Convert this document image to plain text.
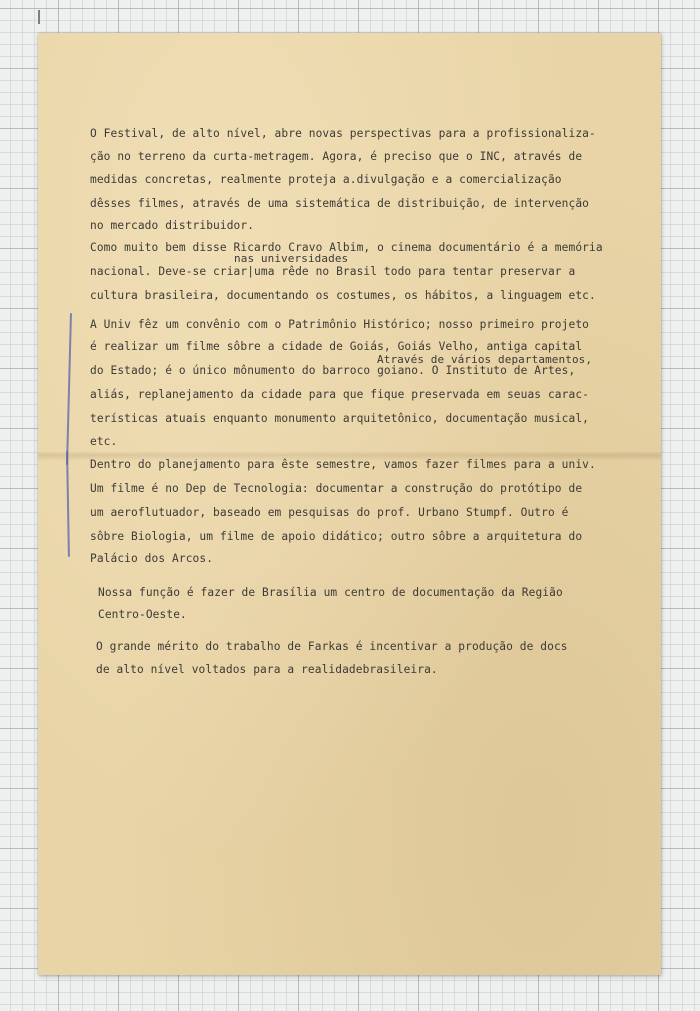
O Festival, de alto nível, abre novas perspectivas para a profissionaliza-

ção no terreno da curta-metragem. Agora, é preciso que o INC, através de

medidas concretas, realmente proteja a.divulgação e a comercialização

dêsses filmes, através de uma sistemática de distribuição, de intervenção

no mercado distribuidor.

Como muito bem disse Ricardo Cravo Albim, o cinema documentário é a memória

nas universidades

nacional. Deve-se criar|uma rêde no Brasil todo para tentar preservar a

cultura brasileira, documentando os costumes, os hábitos, a linguagem etc.

A Univ fêz um convênio com o Patrimônio Histórico; nosso primeiro projeto

é realizar um filme sôbre a cidade de Goiás, Goiás Velho, antiga capital

Através de vários departamentos,

do Estado; é o único mônumento do barroco goiano. O Instituto de Artes,

aliás, replanejamento da cidade para que fique preservada em seuas carac-

terísticas atuais enquanto monumento arquitetônico, documentação musical,

etc.

Dentro do planejamento para êste semestre, vamos fazer filmes para a univ.

Um filme é no Dep de Tecnologia: documentar a construção do protótipo de

um aeroflutuador, baseado em pesquisas do prof. Urbano Stumpf. Outro é

sôbre Biologia, um filme de apoio didático; outro sôbre a arquitetura do

Palácio dos Arcos.

Nossa função é fazer de Brasília um centro de documentação da Região

Centro-Oeste.

O grande mérito do trabalho de Farkas é incentivar a produção de docs

de alto nível voltados para a realidadebrasileira.
